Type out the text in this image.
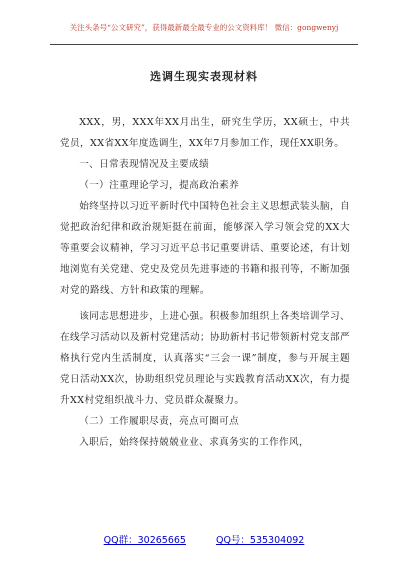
关注头条号“公文研究”，获得最新最全最专业的公文资料库！ 微信：gongwenyj
选调生现实表现材料

XXX，男，XXX年XX月出生，研究生学历，XX硕士，中共党员，XX省XX年度选调生，XX年7月参加工作，现任XX职务。

一、日常表现情况及主要成绩

（一）注重理论学习，提高政治素养

始终坚持以习近平新时代中国特色社会主义思想武装头脑，自觉把政治纪律和政治规矩挺在前面，能够深入学习领会党的XX大等重要会议精神，学习习近平总书记重要讲话、重要论述，有计划地浏览有关党建、党史及党员先进事迹的书籍和报刊等，不断加强对党的路线、方针和政策的理解。

该同志思想进步，上进心强。积极参加组织上各类培训学习、在线学习活动以及新村党建活动；协助新村书记带领新村党支部严格执行党内生活制度，认真落实“三会一课”制度，参与开展主题党日活动XX次，协助组织党员理论与实践教育活动XX次，有力提升XX村党组织战斗力、党员群众凝聚力。

（二）工作履职尽责，亮点可圈可点

入职后，始终保持兢兢业业、求真务实的工作作风，

QQ群：30265665	QQ号：535304092
